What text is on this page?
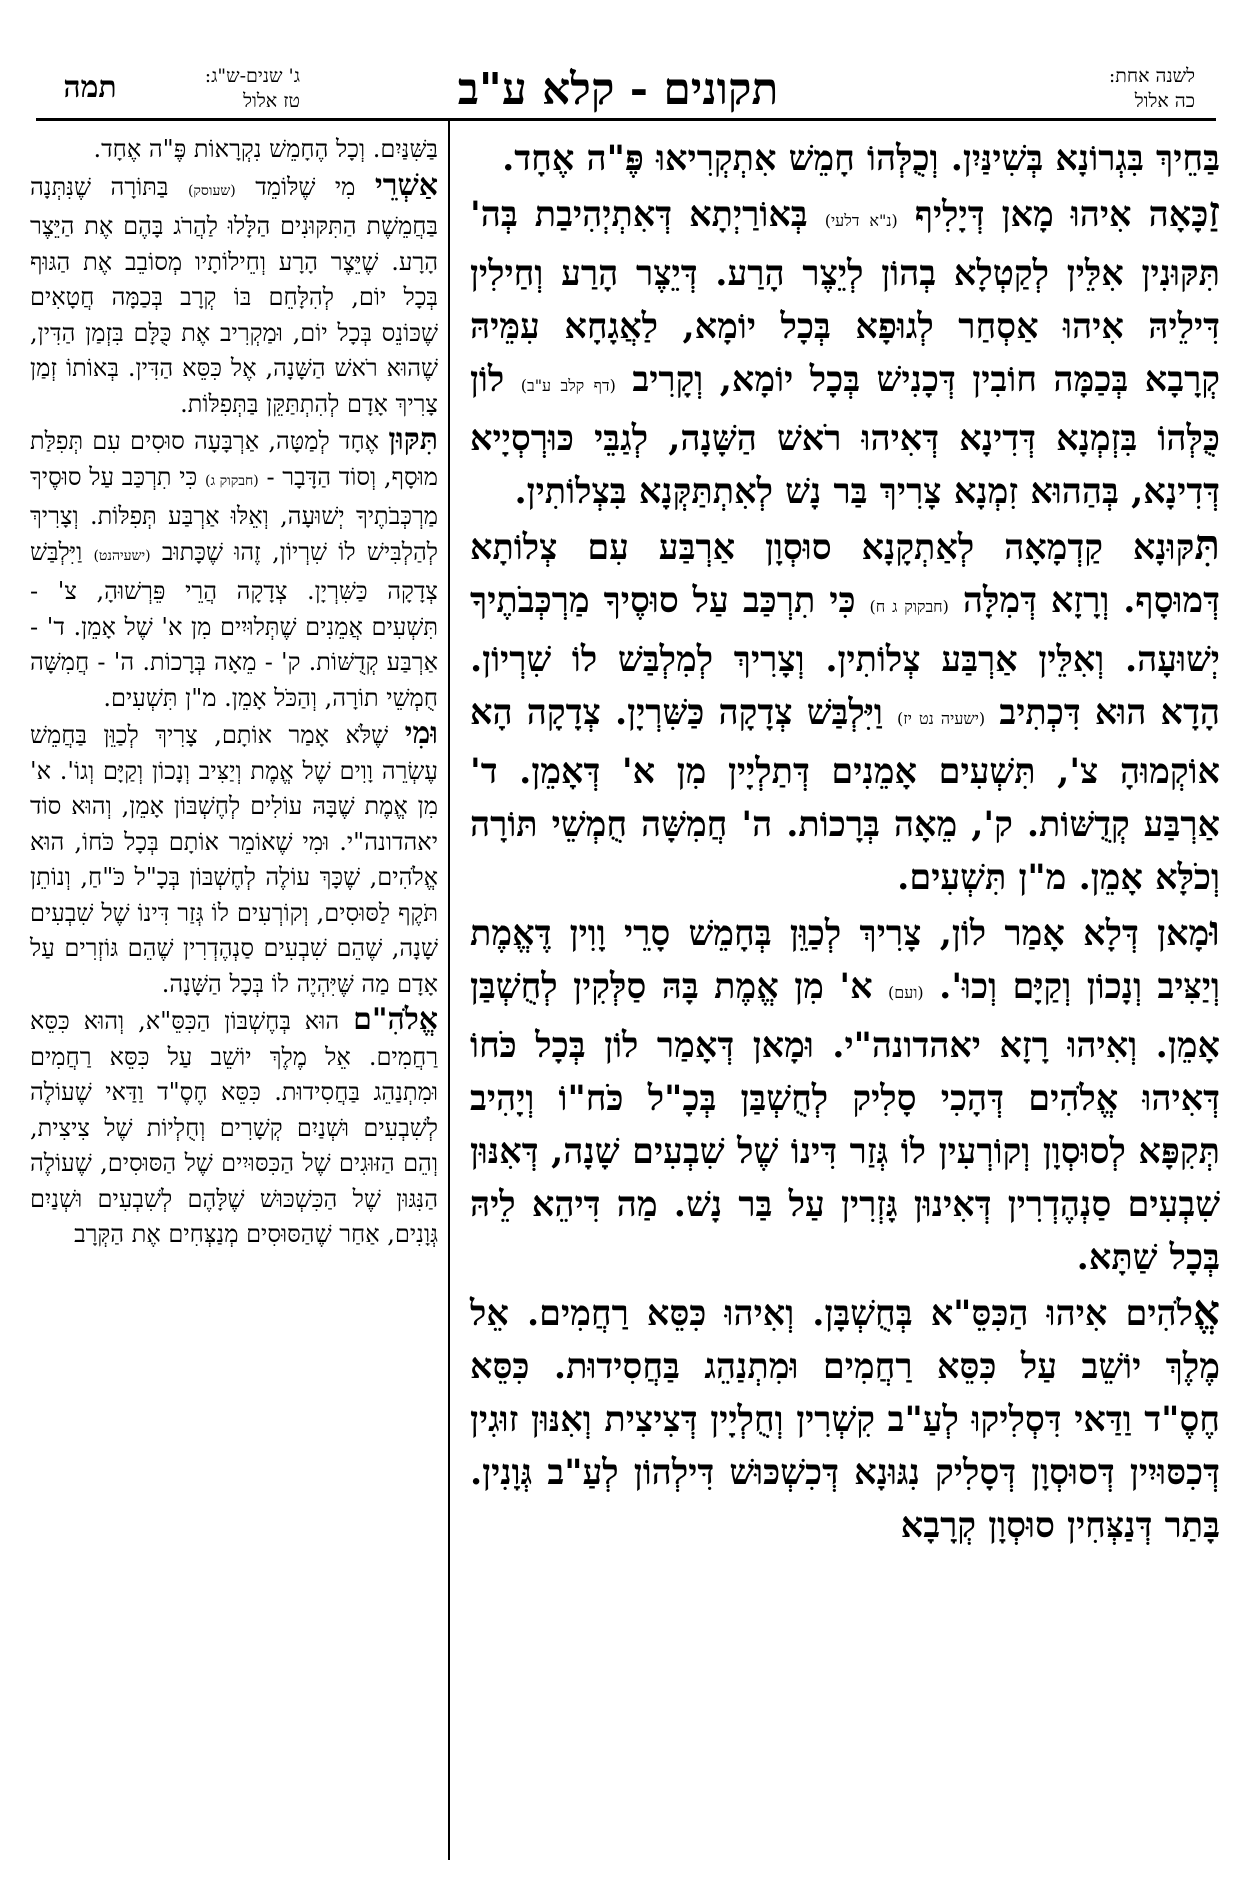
לשנה אחת:
כה אלול
תקונים - קלא ע"ב
ג' שנים-ש"ג:
טז אלול
תמה

בַּחֵיךְ בִּגְרוֹנָא בְּשִׁינַּיִן. וְכֻלְּהוֹ חָמֵשׁ אִתְקְרִיאוּ פֶּ"ה אֶחָד.

זַכָּאָה אִיהוּ מָאן דְּיָלִיף (נ"א דלעי) בְּאוֹרַיְתָא דְּאִתְיְהִיבַת בְּה' תִּקּוּנִין אִלֵּין לְקַטְלָא בְהוֹן לְיֵצֶר הָרַע. דְּיֵצֶר הָרַע וְחַילִין דִּילֵיהּ אִיהוּ אַסְחַר לְגוּפָא בְּכָל יוֹמָא, לַאֲגָחָא עִמֵּיהּ קְרָבָא בְּכַמָּה חוֹבִין דְּכָנִישׁ בְּכָל יוֹמָא, וְקָרִיב (דף קלב ע"ב) לוֹן כֻּלְּהוֹ בִּזְמְנָא דְּדִינָא דְּאִיהוּ רֹאשׁ הַשָּׁנָה, לְגַבֵּי כּוּרְסְיָיא דְּדִינָא, בְּהַהוּא זִמְנָא צָרִיךְ בַּר נָשׁ לְאִתְתַּקְּנָא בִּצְלוֹתִין.

תִּקּוּנָא קַדְמָאָה לְאַתְקָנָא סוּסְוָן אַרְבַּע עִם צְלוֹתָא דְּמוּסָף. וְרָזָא דְּמִלָּה (חבקוק ג ח) כִּי תִרְכַּב עַל סוּסֶיךָ מַרְכְּבֹתֶיךָ יְשׁוּעָה. וְאִלֵּין אַרְבַּע צְלוֹתִין. וְצָרִיךְ לְמִלְבַּשׁ לוֹ שִׁרְיוֹן. הָדָא הוּא דִּכְתִיב (ישעיה נט יז) וַיִּלְבַּשׁ צְדָקָה כַּשִּׁרְיָן. צְדָקָה הָא אוֹקְמוּהָ צ', תִּשְׁעִים אָמֵנִים דְּתַלְיָין מִן א' דְּאָמֵן. ד' אַרְבַּע קְדֻשּׁוֹת. ק', מֵאָה בְּרָכוֹת. ה' חֲמִשָּׁה חֻמְשֵׁי תּוֹרָה וְכֹלָּא אָמֵן. מ"ן תִּשְׁעִים.

וּמָאן דְּלָא אָמַר לוֹן, צָרִיךְ לְכַוֵּן בְּחָמֵשׁ סָרֵי וָוִין דֶּאֱמֶת וְיַצִּיב וְנָכוֹן וְקַיָּם וְכוּ'. (ועם) א' מִן אֱמֶת בָּהּ סַלְּקִין לְחֻשְׁבַּן אָמֵן. וְאִיהוּ רָזָא יאהדונה"י. וּמָאן דְּאָמַר לוֹן בְּכָל כֹּחוֹ דְּאִיהוּ אֱלֹהִים דְּהָכִי סָלִיק לְחֻשְׁבַּן בְּכָ"ל כֹּח"וֹ וְיָהִיב תְּקִפָּא לְסוּסְוָן וְקוֹרְעִין לוֹ גְּזַר דִּינוֹ שֶׁל שִׁבְעִים שָׁנָה, דְּאִנּוּן שִׁבְעִים סַנְהֶדְרִין דְּאִינוּן גָּזְרִין עַל בַּר נָשׁ. מַה דִּיהֵא לֵיהּ בְּכָל שַׁתָּא.

אֱלֹהִים אִיהוּ הַכִּסֵּ"א בְּחֻשְׁבָּן. וְאִיהוּ כִּסֵּא רַחֲמִים. אֵל מֶלֶךְ יוֹשֵׁב עַל כִּסֵּא רַחֲמִים וּמִתְנַהֵג בַּחֲסִידוּת. כִּסֵּא חֶסֶ"ד וַדַּאי דִּסְלִיקוּ לְעַ"ב קִשְׁרִין וְחֻלְיָין דְּצִיצִית וְאִנּוּן זוּגִין דְּכִסּוּיִין דְּסוּסְוָן דְּסָלִיק נִגּוּנָא דְּכִשְׁכּוּשׁ דִּילְהוֹן לְעַ"ב גְּוָנִין. בָּתַר דְּנַצְּחִין סוּסְוָן קְרָבָא

בַּשִּׁנַּיִם. וְכָל הֶחָמֵשׁ נִקְרָאוֹת פֶּ"ה אֶחָד.

אַשְׁרֵי מִי שֶׁלּוֹמֵד (שעוסק) בַּתּוֹרָה שֶׁנִּתְּנָה בַּחֲמֵשֶׁת הַתִּקּוּנִים הַלָּלוּ לַהֲרֹג בָּהֶם אֶת הַיֵּצֶר הָרָע. שֶׁיֵּצֶר הָרָע וְחֵילוֹתָיו מְסוֹבֵב אֶת הַגּוּף בְּכָל יוֹם, לְהִלָּחֵם בּוֹ קְרָב בְּכַמָּה חֲטָאִים שֶׁכּוֹנֵס בְּכָל יוֹם, וּמַקְרִיב אֶת כֻּלָּם בִּזְמַן הַדִּין, שֶׁהוּא רֹאשׁ הַשָּׁנָה, אֶל כִּסֵּא הַדִּין. בְּאוֹתוֹ זְמַן צָרִיךְ אָדָם לְהִתְתַּקֵּן בַּתְּפִלּוֹת.

תִּקּוּן אֶחָד לְמַטָּה, אַרְבָּעָה סוּסִים עִם תְּפִלַּת מוּסָף, וְסוֹד הַדָּבָר - (חבקוק ג) כִּי תִרְכַּב עַל סוּסֶיךָ מַרְכְּבֹתֶיךָ יְשׁוּעָה, וְאֵלּוּ אַרְבַּע תְּפִלּוֹת. וְצָרִיךְ לְהַלְבִּישׁ לוֹ שִׁרְיוֹן, זֶהוּ שֶׁכָּתוּב (ישעיהנט) וַיִּלְבַּשׁ צְדָקָה כַּשִּׁרְיָן. צְדָקָה הֲרֵי פֵּרְשׁוּהָ, צ' - תִּשְׁעִים אֲמֵנִים שֶׁתְּלוּיִים מִן א' שֶׁל אָמֵן. ד' - אַרְבַּע קְדֻשּׁוֹת. ק' - מֵאָה בְּרָכוֹת. ה' - חֲמִשָּׁה חֻמְשֵׁי תוֹרָה, וְהַכֹּל אָמֵן. מ"ן תִּשְׁעִים.

וּמִי שֶׁלֹּא אָמַר אוֹתָם, צָרִיךְ לְכַוֵּן בַּחֲמֵשׁ עֶשְׂרֵה וָוִים שֶׁל אֱמֶת וְיַצִּיב וְנָכוֹן וְקַיָּם וְגוֹ'. א' מִן אֱמֶת שֶׁבָּהּ עוֹלִים לְחֶשְׁבּוֹן אָמֵן, וְהוּא סוֹד יאהדונה"י. וּמִי שֶׁאוֹמֵר אוֹתָם בְּכָל כֹּחוֹ, הוּא אֱלֹהִים, שֶׁכָּךְ עוֹלֶה לְחֶשְׁבּוֹן בְּכָ"ל כֹּ"חַ, וְנוֹתֵן תֹּקֶף לַסּוּסִים, וְקוֹרְעִים לוֹ גְּזַר דִּינוֹ שֶׁל שִׁבְעִים שָׁנָה, שֶׁהֵם שִׁבְעִים סַנְהֶדְרִין שֶׁהֵם גּוֹזְרִים עַל אָדָם מַה שֶּׁיִּהְיֶה לוֹ בְּכָל הַשָּׁנָה.

אֱלֹהִ"ם הוּא בְּחֶשְׁבּוֹן הַכִּסֵּ"א, וְהוּא כִּסֵּא רַחֲמִים. אֵל מֶלֶךְ יוֹשֵׁב עַל כִּסֵּא רַחֲמִים וּמִתְנַהֵג בַּחֲסִידוּת. כִּסֵּא חֶסֶ"ד וַדַּאי שֶׁעוֹלֶה לְשִׁבְעִים וּשְׁנַיִם קְשָׁרִים וְחֻלְיוֹת שֶׁל צִיצִית, וְהֵם הַזּוּגִים שֶׁל הַכִּסּוּיִים שֶׁל הַסּוּסִים, שֶׁעוֹלֶה הַנִּגּוּן שֶׁל הַכִּשְׁכּוּשׁ שֶׁלָּהֶם לְשִׁבְעִים וּשְׁנַיִם גְּוָנִים, אַחַר שֶׁהַסּוּסִים מְנַצְּחִים אֶת הַקְּרָב
